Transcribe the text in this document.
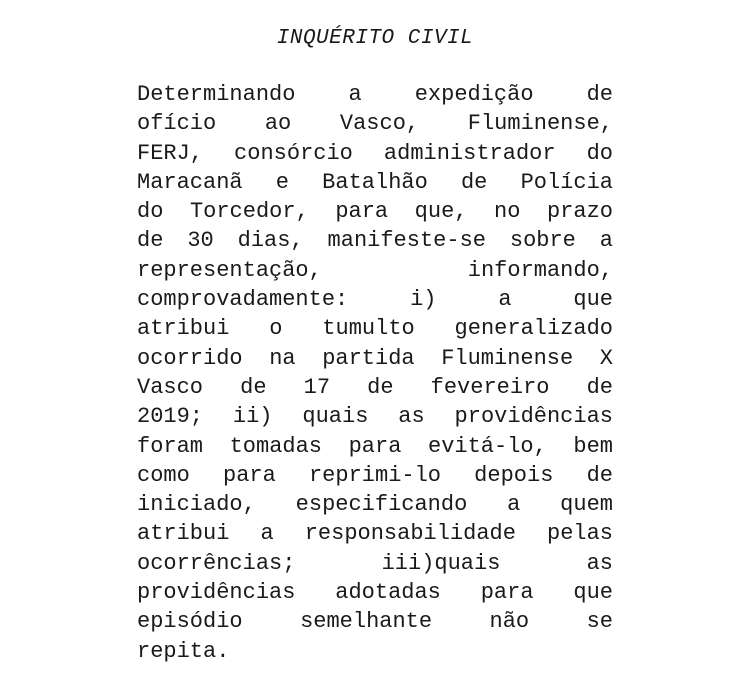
INQUÉRITO CIVIL
Determinando a expedição de
ofício ao Vasco, Fluminense,
FERJ, consórcio administrador do
Maracanã e Batalhão de Polícia
do Torcedor, para que, no prazo
de 30 dias, manifeste-se sobre a
representação, informando,
comprovadamente: i) a que
atribui o tumulto generalizado
ocorrido na partida Fluminense X
Vasco de 17 de fevereiro de
2019; ii) quais as providências
foram tomadas para evitá-lo, bem
como para reprimi-lo depois de
iniciado, especificando a quem
atribui a responsabilidade pelas
ocorrências; iii)quais as
providências adotadas para que
episódio semelhante não se
repita.
